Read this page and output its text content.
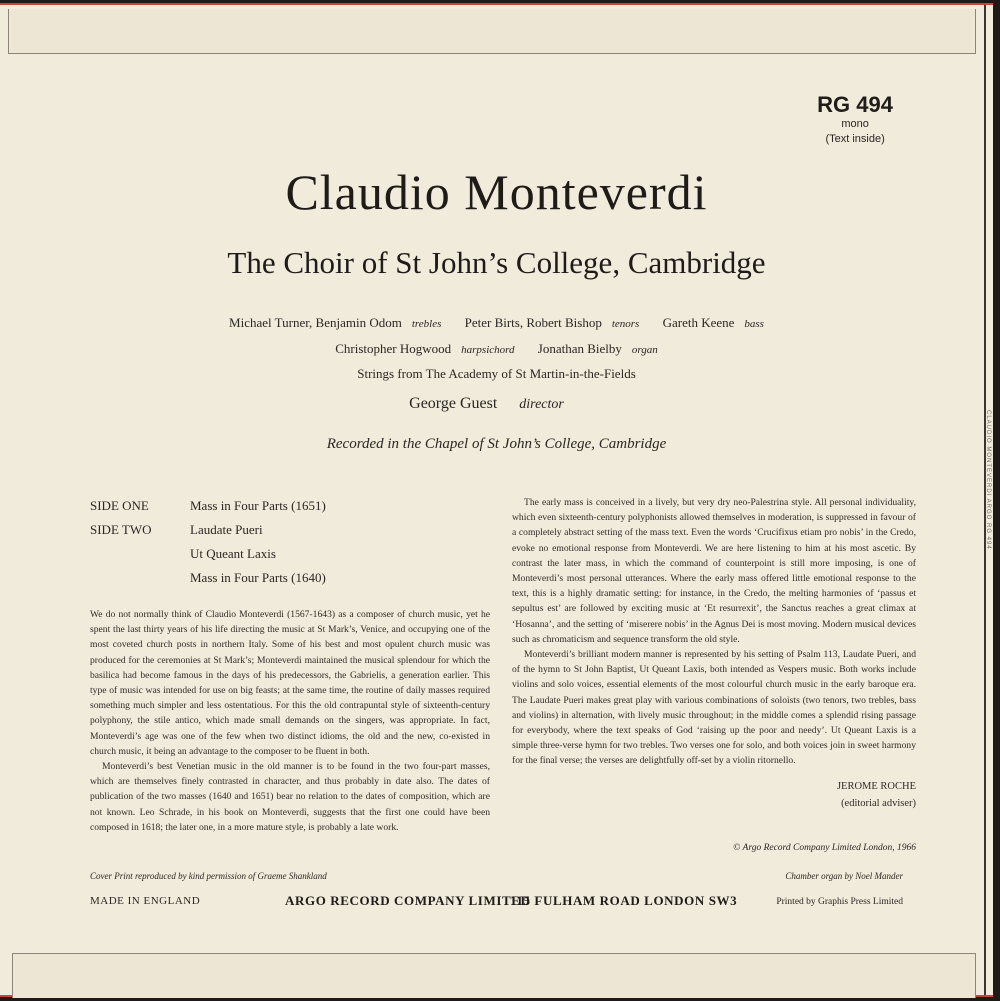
CLAUDIO MONTEVERDI ARGO RG 494
RG 494
mono
(Text inside)
Claudio Monteverdi
The Choir of St John’s College, Cambridge
Michael Turner, Benjamin Odom trebles Peter Birts, Robert Bishop tenors Gareth Keene bass
Christopher Hogwood harpsichord Jonathan Bielby organ
Strings from The Academy of St Martin-in-the-Fields
George Guest director
Recorded in the Chapel of St John’s College, Cambridge
SIDE ONE	Mass in Four Parts (1651)
SIDE TWO	Laudate Pueri
Ut Queant Laxis
Mass in Four Parts (1640)

We do not normally think of Claudio Monteverdi (1567-1643) as a composer of church music, yet he spent the last thirty years of his life directing the music at St Mark’s, Venice, and occupying one of the most coveted church posts in northern Italy. Some of his best and most opulent church music was produced for the ceremonies at St Mark’s; Monteverdi maintained the musical splendour for which the basilica had become famous in the days of his predecessors, the Gabrielis, a generation earlier. This type of music was intended for use on big feasts; at the same time, the routine of daily masses required something much simpler and less ostentatious. For this the old contrapuntal style of sixteenth-century polyphony, the stile antico, which made small demands on the singers, was appropriate. In fact, Monteverdi’s age was one of the few when two distinct idioms, the old and the new, co-existed in church music, it being an advantage to the composer to be fluent in both.

Monteverdi’s best Venetian music in the old manner is to be found in the two four-part masses, which are themselves finely contrasted in character, and thus probably in date also. The dates of publication of the two masses (1640 and 1651) bear no relation to the dates of composition, which are not known. Leo Schrade, in his book on Monteverdi, suggests that the first one could have been composed in 1618; the later one, in a more mature style, is probably a late work.

The early mass is conceived in a lively, but very dry neo-Palestrina style. All personal individuality, which even sixteenth-century polyphonists allowed themselves in moderation, is suppressed in favour of a completely abstract setting of the mass text. Even the words ‘Crucifixus etiam pro nobis’ in the Credo, evoke no emotional response from Monteverdi. We are here listening to him at his most ascetic. By contrast the later mass, in which the command of counterpoint is still more imposing, is one of Monteverdi’s most personal utterances. Where the early mass offered little emotional response to the text, this is a highly dramatic setting: for instance, in the Credo, the melting harmonies of ‘passus et sepultus est’ are followed by exciting music at ‘Et resurrexit’, the Sanctus reaches a great climax at ‘Hosanna’, and the setting of ‘miserere nobis’ in the Agnus Dei is most moving. Modern musical devices such as chromaticism and sequence transform the old style.

Monteverdi’s brilliant modern manner is represented by his setting of Psalm 113, Laudate Pueri, and of the hymn to St John Baptist, Ut Queant Laxis, both intended as Vespers music. Both works include violins and solo voices, essential elements of the most colourful church music in the early baroque era. The Laudate Pueri makes great play with various combinations of soloists (two tenors, two trebles, bass and violins) in alternation, with lively music throughout; in the middle comes a splendid rising passage for everybody, where the text speaks of God ‘raising up the poor and needy’. Ut Queant Laxis is a simple three-verse hymn for two trebles. Two verses one for solo, and both voices join in sweet harmony for the final verse; the verses are delightfully off-set by a violin ritornello.

JEROME ROCHE
(editorial adviser)
© Argo Record Company Limited London, 1966
Cover Print reproduced by kind permission of Graeme Shankland	Chamber organ by Noel Mander
MADE IN ENGLAND	ARGO RECORD COMPANY LIMITED
115 FULHAM ROAD LONDON SW3	Printed by Graphis Press Limited
